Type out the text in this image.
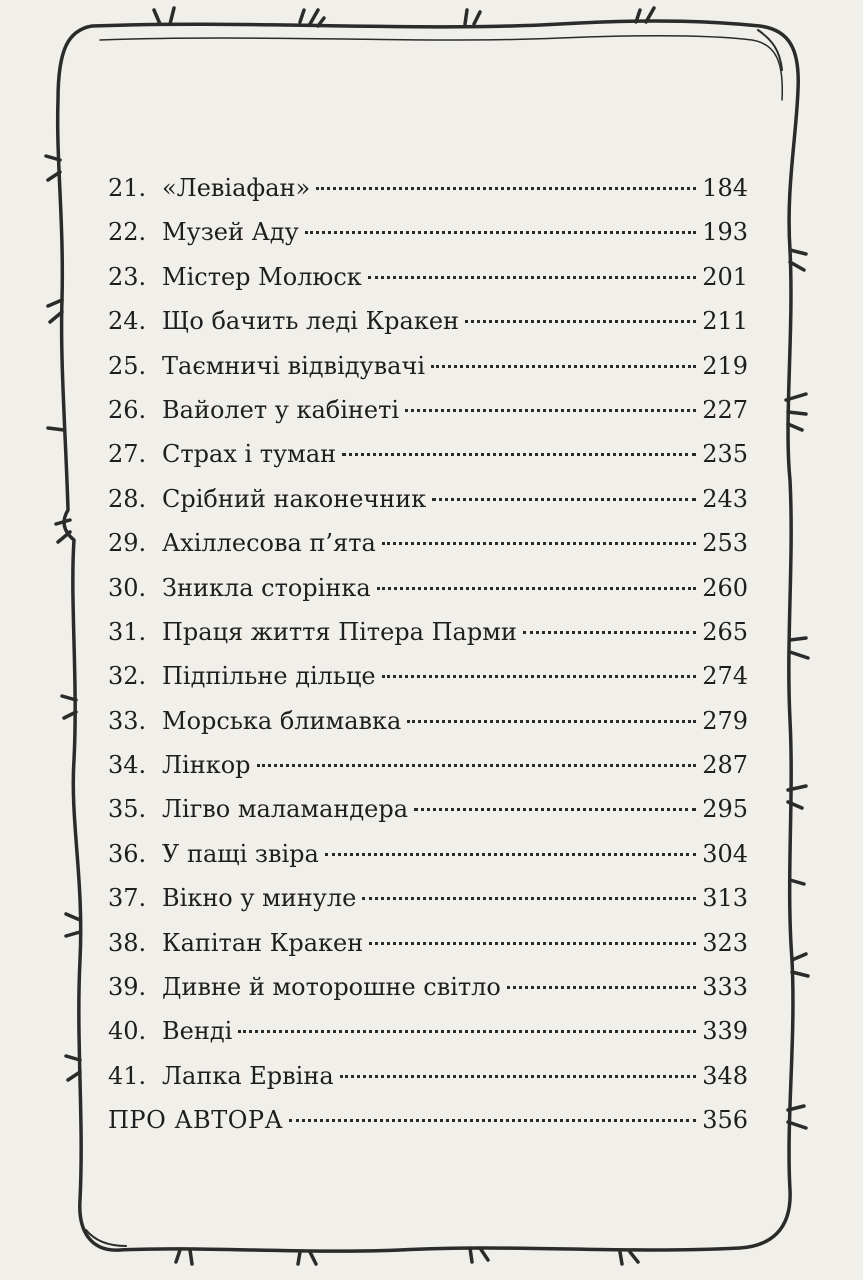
21. «Левіафан»	184
22. Музей Аду	193
23. Містер Молюск	201
24. Що бачить леді Кракен	211
25. Таємничі відвідувачі	219
26. Вайолет у кабінеті	227
27. Страх і туман	235
28. Срібний наконечник	243
29. Ахіллесова п’ята	253
30. Зникла сторінка	260
31. Праця життя Пітера Парми	265
32. Підпільне дільце	274
33. Морська блимавка	279
34. Лінкор	287
35. Лігво маламандера	295
36. У пащі звіра	304
37. Вікно у минуле	313
38. Капітан Кракен	323
39. Дивне й моторошне світло	333
40. Венді	339
41. Лапка Ервіна	348
ПРО АВТОРА	356
